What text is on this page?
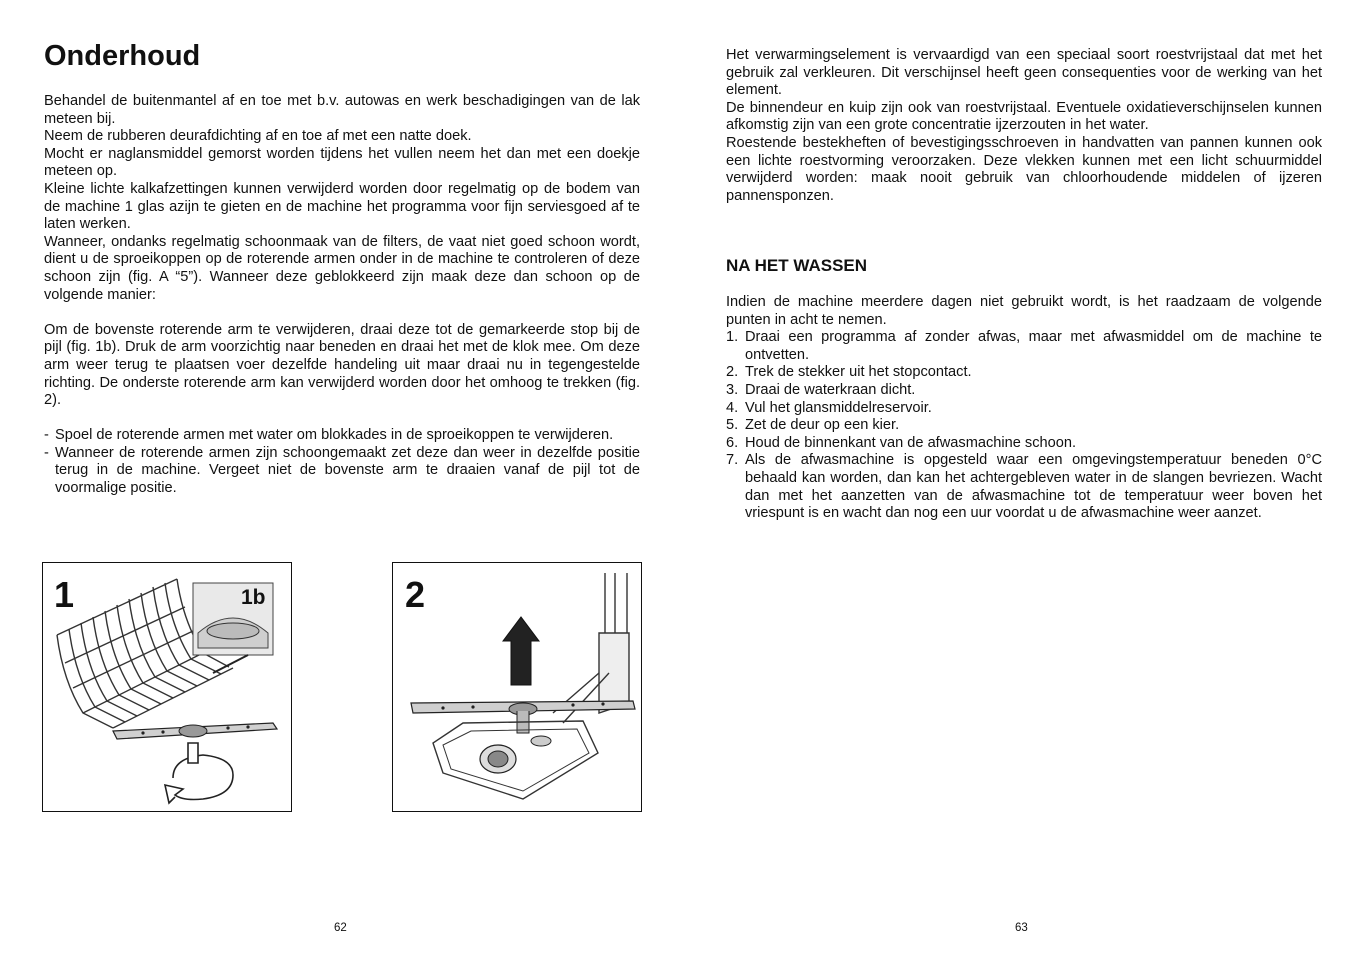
Onderhoud

Behandel de buitenmantel af en toe met b.v. autowas en werk beschadigingen van de lak meteen bij.

Neem de rubberen deurafdichting af en toe af met een natte doek.

Mocht er naglansmiddel gemorst worden tijdens het vullen neem het dan met een doekje meteen op.

Kleine lichte kalkafzettingen kunnen verwijderd worden door regelmatig op de bodem van de machine 1 glas azijn te gieten en de machine het programma voor fijn serviesgoed af te laten werken.

Wanneer, ondanks regelmatig schoonmaak van de filters, de vaat niet goed schoon wordt, dient u de sproeikoppen op de roterende armen onder in de machine te controleren of deze schoon zijn (fig. A “5”). Wanneer deze geblokkeerd zijn maak deze dan schoon op de volgende manier:

Om de bovenste roterende arm te verwijderen, draai deze tot de gemarkeerde stop bij de pijl (fig. 1b). Druk de arm voorzichtig naar beneden en draai het met de klok mee. Om deze arm weer terug te plaatsen voer dezelfde handeling uit maar draai nu in tegengestelde richting. De onderste roterende arm kan verwijderd worden door het omhoog te trekken (fig. 2).

- Spoel de roterende armen met water om blokkades in de sproeikoppen te verwijderen.
- Wanneer de roterende armen zijn schoongemaakt zet deze dan weer in dezelfde positie terug in de machine. Vergeet niet de bovenste arm te draaien vanaf de pijl tot de voormalige positie.
1	1b	2
62

Het verwarmingselement is vervaardigd van een speciaal soort roestvrijstaal dat met het gebruik zal verkleuren. Dit verschijnsel heeft geen consequenties voor de werking van het element.

De binnendeur en kuip zijn ook van roestvrijstaal. Eventuele oxidatieverschijnselen kunnen afkomstig zijn van een grote concentratie ijzerzouten in het water.

Roestende bestekheften of bevestigingsschroeven in handvatten van pannen kunnen ook een lichte roestvorming veroorzaken. Deze vlekken kunnen met een licht schuurmiddel verwijderd worden: maak nooit gebruik van chloorhoudende middelen of ijzeren pannensponzen.

NA HET WASSEN

Indien de machine meerdere dagen niet gebruikt wordt, is het raadzaam de volgende punten in acht te nemen.

1. Draai een programma af zonder afwas, maar met afwasmiddel om de machine te ontvetten.
2. Trek de stekker uit het stopcontact.
3. Draai de waterkraan dicht.
4. Vul het glansmiddelreservoir.
5. Zet de deur op een kier.
6. Houd de binnenkant van de afwasmachine schoon.
7. Als de afwasmachine is opgesteld waar een omgevingstemperatuur beneden 0°C behaald kan worden, dan kan het achtergebleven water in de slangen bevriezen. Wacht dan met het aanzetten van de afwasmachine tot de temperatuur weer boven het vriespunt is en wacht dan nog een uur voordat u de afwasmachine weer aanzet.
63
